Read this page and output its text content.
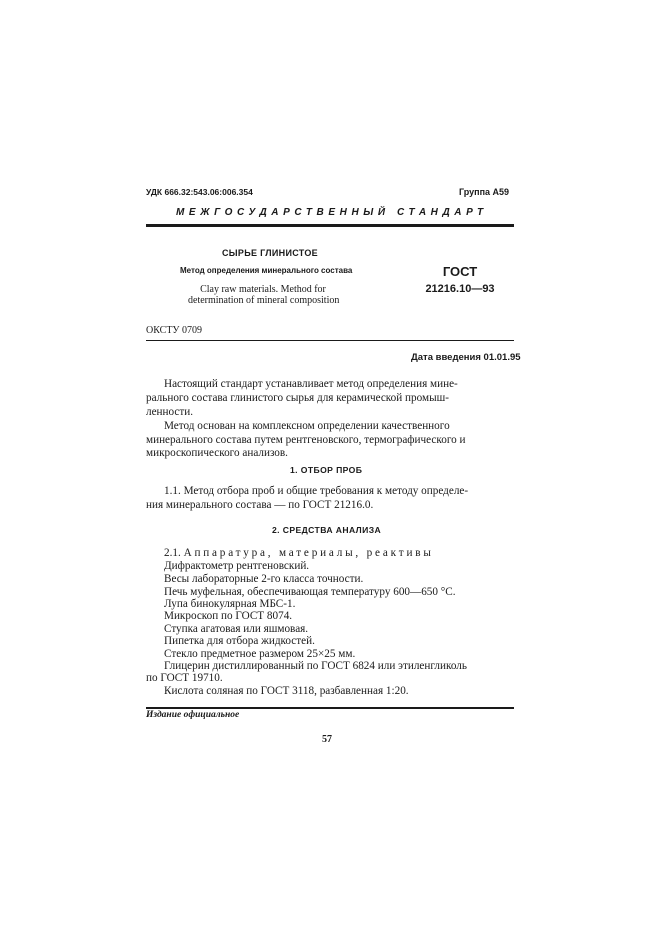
УДК 666.32:543.06:006.354	Группа А59
МЕЖГОСУДАРСТВЕННЫЙ СТАНДАРТ
СЫРЬЕ ГЛИНИСТОЕ
Метод определения минерального состава
Clay raw materials. Method for
determination of mineral composition
ГОСТ
21216.10—93
ОКСТУ 0709
Дата введения 01.01.95
Настоящий стандарт устанавливает метод определения мине-
рального состава глинистого сырья для керамической промыш-
ленности.
Метод основан на комплексном определении качественного
минерального состава путем рентгеновского, термографического и
микроскопического анализов.
1. ОТБОР ПРОБ
1.1. Метод отбора проб и общие требования к методу определе-
ния минерального состава — по ГОСТ 21216.0.
2. СРЕДСТВА АНАЛИЗА
2.1. Аппаратура, материалы, реактивы
Дифрактометр рентгеновский.
Весы лабораторные 2-го класса точности.
Печь муфельная, обеспечивающая температуру 600—650 °С.
Лупа бинокулярная МБС-1.
Микроскоп по ГОСТ 8074.
Ступка агатовая или яшмовая.
Пипетка для отбора жидкостей.
Стекло предметное размером 25×25 мм.
Глицерин дистиллированный по ГОСТ 6824 или этиленгликоль
по ГОСТ 19710.
Кислота соляная по ГОСТ 3118, разбавленная 1:20.
Издание официальное
57
